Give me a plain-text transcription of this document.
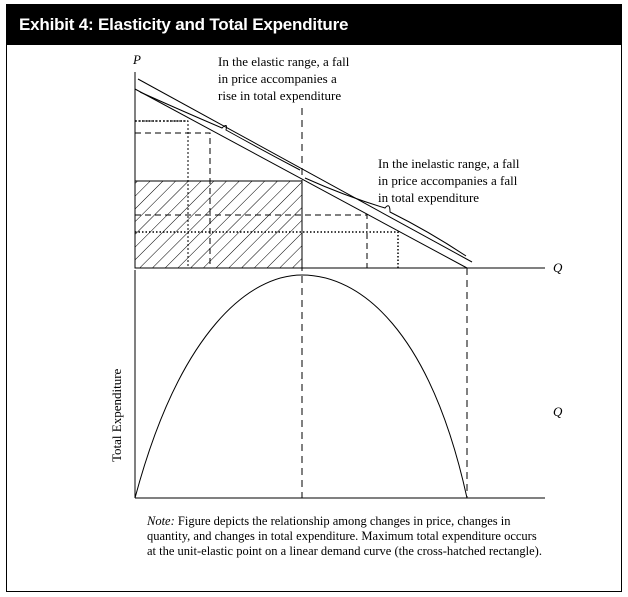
Exhibit 4: Elasticity and Total Expenditure
P
Q
Q
Total Expenditure
In the elastic range, a fall
in price accompanies a
rise in total expenditure
In the inelastic range, a fall
in price accompanies a fall
in total expenditure
Note: Figure depicts the relationship among changes in price, changes in quantity, and changes in total expenditure. Maximum total expenditure occurs at the unit-elastic point on a linear demand curve (the cross-hatched rectangle).
